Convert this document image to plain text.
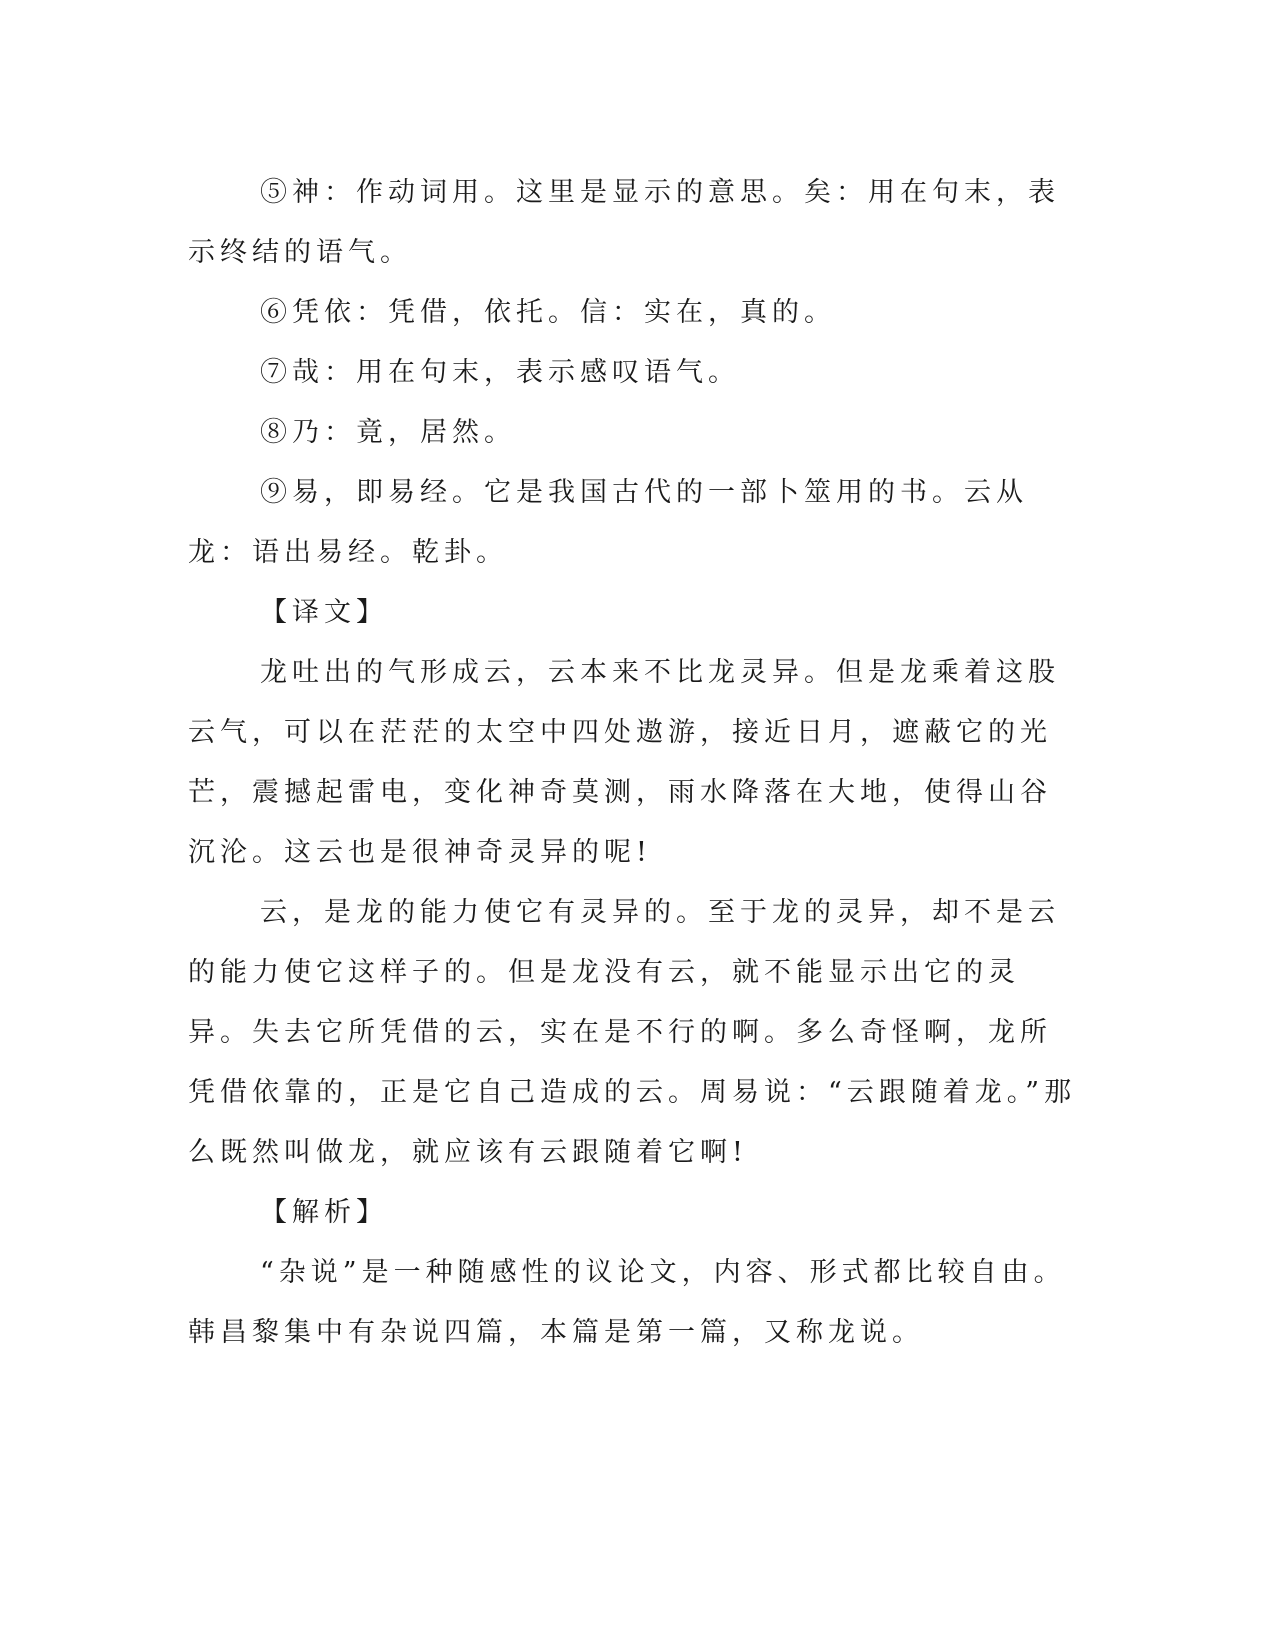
⑤神：作动词用。这里是显示的意思。矣：用在句末，表示终结的语气。

⑥凭依：凭借，依托。信：实在，真的。

⑦哉：用在句末，表示感叹语气。

⑧乃：竟，居然。

⑨易，即易经。它是我国古代的一部卜筮用的书。云从龙：语出易经。乾卦。

【译文】

龙吐出的气形成云，云本来不比龙灵异。但是龙乘着这股云气，可以在茫茫的太空中四处遨游，接近日月，遮蔽它的光芒，震撼起雷电，变化神奇莫测，雨水降落在大地，使得山谷沉沦。这云也是很神奇灵异的呢!

云，是龙的能力使它有灵异的。至于龙的灵异，却不是云的能力使它这样子的。但是龙没有云，就不能显示出它的灵异。失去它所凭借的云，实在是不行的啊。多么奇怪啊，龙所凭借依靠的，正是它自己造成的云。周易说：“云跟随着龙。”那么既然叫做龙，就应该有云跟随着它啊!

【解析】

“杂说”是一种随感性的议论文，内容、形式都比较自由。韩昌黎集中有杂说四篇，本篇是第一篇，又称龙说。
